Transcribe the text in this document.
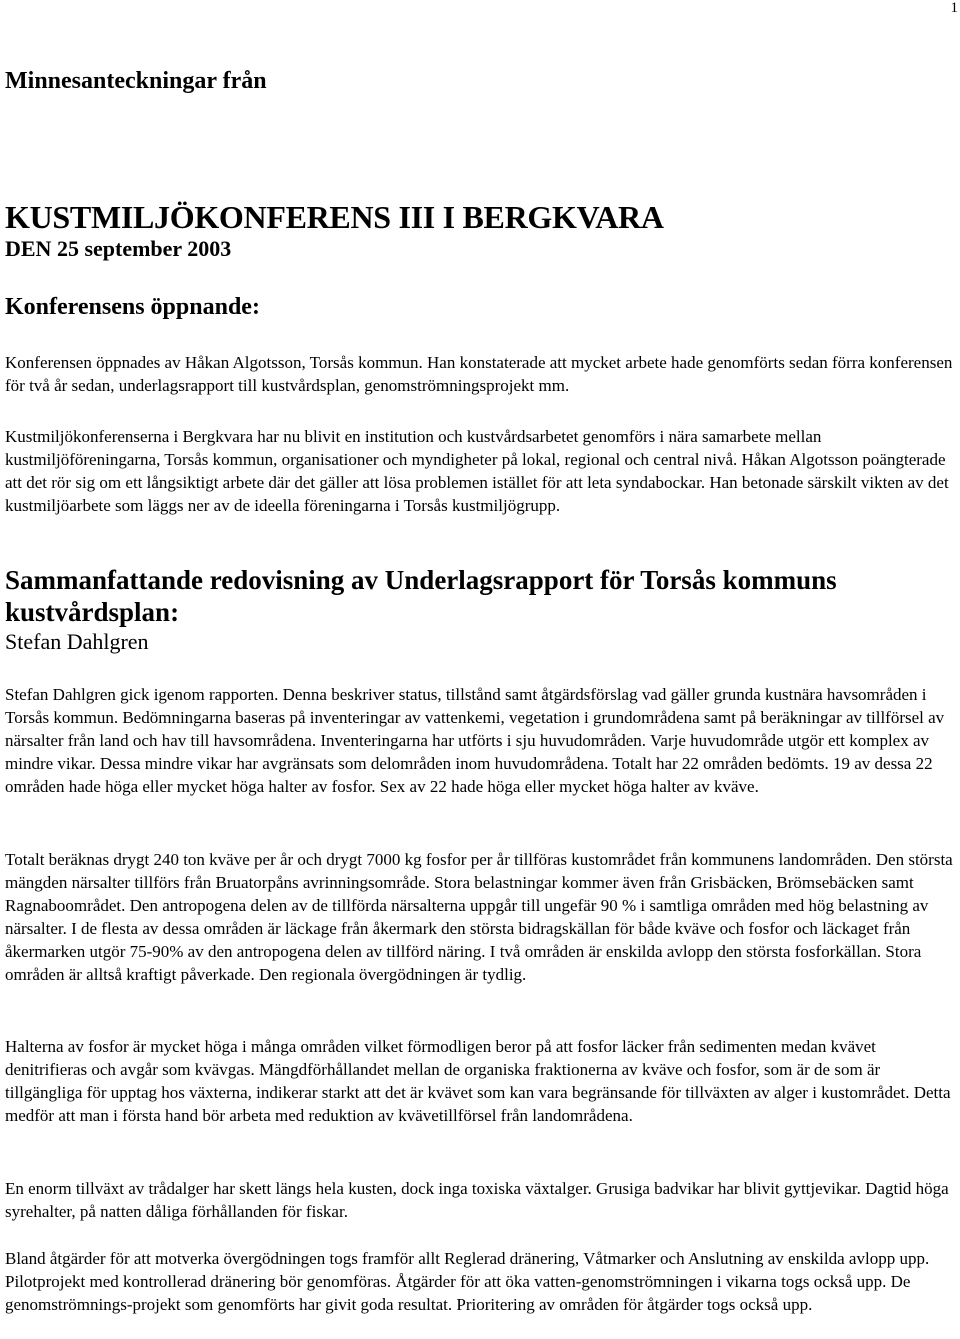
1
Minnesanteckningar från
KUSTMILJÖKONFERENS III I BERGKVARA
DEN 25 september 2003
Konferensens öppnande:

Konferensen öppnades av Håkan Algotsson, Torsås kommun. Han konstaterade att mycket arbete hade genomförts sedan förra konferensen för två år sedan, underlagsrapport till kustvårdsplan, genomströmningsprojekt mm.

Kustmiljökonferenserna i Bergkvara har nu blivit en institution och kustvårdsarbetet genomförs i nära samarbete mellan kustmiljöföreningarna, Torsås kommun, organisationer och myndigheter på lokal, regional och central nivå. Håkan Algotsson poängterade att det rör sig om ett långsiktigt arbete där det gäller att lösa problemen istället för att leta syndabockar. Han betonade särskilt vikten av det kustmiljöarbete som läggs ner av de ideella föreningarna i Torsås kustmiljögrupp.

Sammanfattande redovisning av Underlagsrapport för Torsås kommuns kustvårdsplan:
Stefan Dahlgren

Stefan Dahlgren gick igenom rapporten. Denna beskriver status, tillstånd samt åtgärdsförslag vad gäller grunda kustnära havsområden i Torsås kommun. Bedömningarna baseras på inventeringar av vattenkemi, vegetation i grundområdena samt på beräkningar av tillförsel av närsalter från land och hav till havsområdena. Inventeringarna har utförts i sju huvudområden. Varje huvudområde utgör ett komplex av mindre vikar. Dessa mindre vikar har avgränsats som delområden inom huvudområdena. Totalt har 22 områden bedömts. 19 av dessa 22 områden hade höga eller mycket höga halter av fosfor. Sex av 22 hade höga eller mycket höga halter av kväve.

Totalt beräknas drygt 240 ton kväve per år och drygt 7000 kg fosfor per år tillföras kustområdet från kommunens landområden. Den största mängden närsalter tillförs från Bruatorpåns avrinningsområde. Stora belastningar kommer även från Grisbäcken, Brömsebäcken samt Ragnaboområdet. Den antropogena delen av de tillförda närsalterna uppgår till ungefär 90 % i samtliga områden med hög belastning av närsalter. I de flesta av dessa områden är läckage från åkermark den största bidragskällan för både kväve och fosfor och läckaget från åkermarken utgör 75-90% av den antropogena delen av tillförd näring. I två områden är enskilda avlopp den största fosforkällan. Stora områden är alltså kraftigt påverkade. Den regionala övergödningen är tydlig.

Halterna av fosfor är mycket höga i många områden vilket förmodligen beror på att fosfor läcker från sedimenten medan kvävet denitrifieras och avgår som kvävgas. Mängdförhållandet mellan de organiska fraktionerna av kväve och fosfor, som är de som är tillgängliga för upptag hos växterna, indikerar starkt att det är kvävet som kan vara begränsande för tillväxten av alger i kustområdet. Detta medför att man i första hand bör arbeta med reduktion av kvävetillförsel från landområdena.

En enorm tillväxt av trådalger har skett längs hela kusten, dock inga toxiska växtalger. Grusiga badvikar har blivit gyttjevikar. Dagtid höga syrehalter, på natten dåliga förhållanden för fiskar.

Bland åtgärder för att motverka övergödningen togs framför allt Reglerad dränering, Våtmarker och Anslutning av enskilda avlopp upp. Pilotprojekt med kontrollerad dränering bör genomföras. Åtgärder för att öka vatten-genomströmningen i vikarna togs också upp. De genomströmnings-projekt som genomförts har givit goda resultat. Prioritering av områden för åtgärder togs också upp.
